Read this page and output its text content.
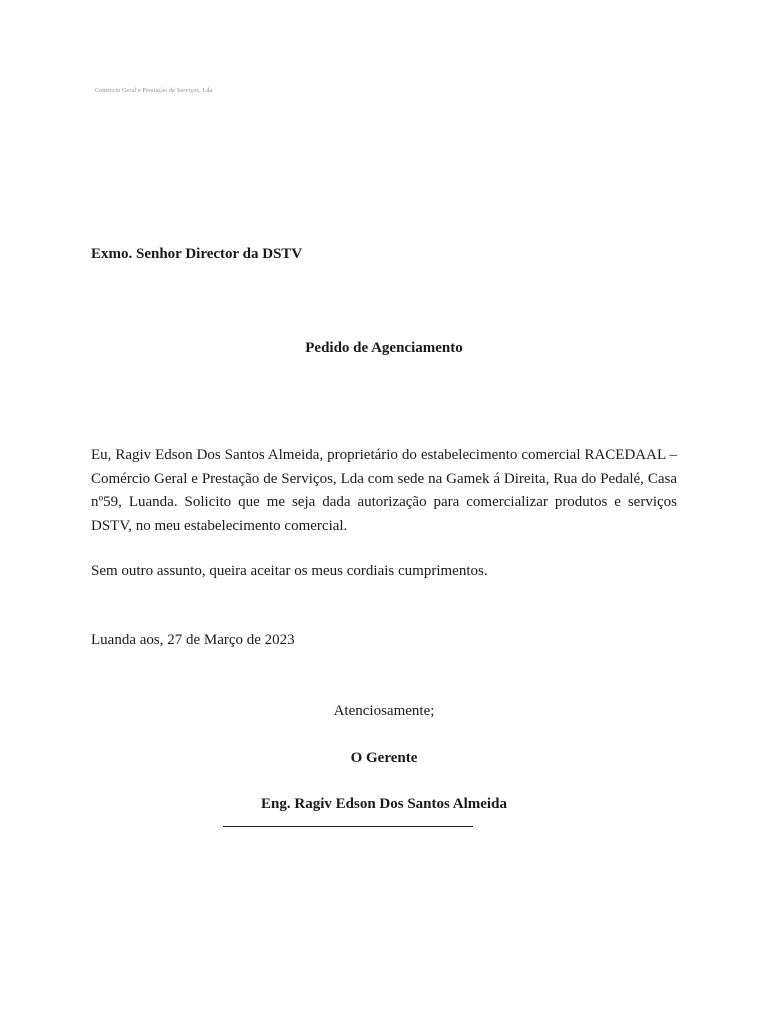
Comercio Geral e Prestação de Serviços, Lda
Exmo. Senhor Director da DSTV
Pedido de Agenciamento
Eu, Ragiv Edson Dos Santos Almeida, proprietário do estabelecimento comercial RACEDAAL – Comércio Geral e Prestação de Serviços, Lda com sede na Gamek á Direita, Rua do Pedalé, Casa nº59, Luanda. Solicito que me seja dada autorização para comercializar produtos e serviços DSTV, no meu estabelecimento comercial.
Sem outro assunto, queira aceitar os meus cordiais cumprimentos.
Luanda aos, 27 de Março de 2023
Atenciosamente;
O Gerente
Eng. Ragiv Edson Dos Santos Almeida
